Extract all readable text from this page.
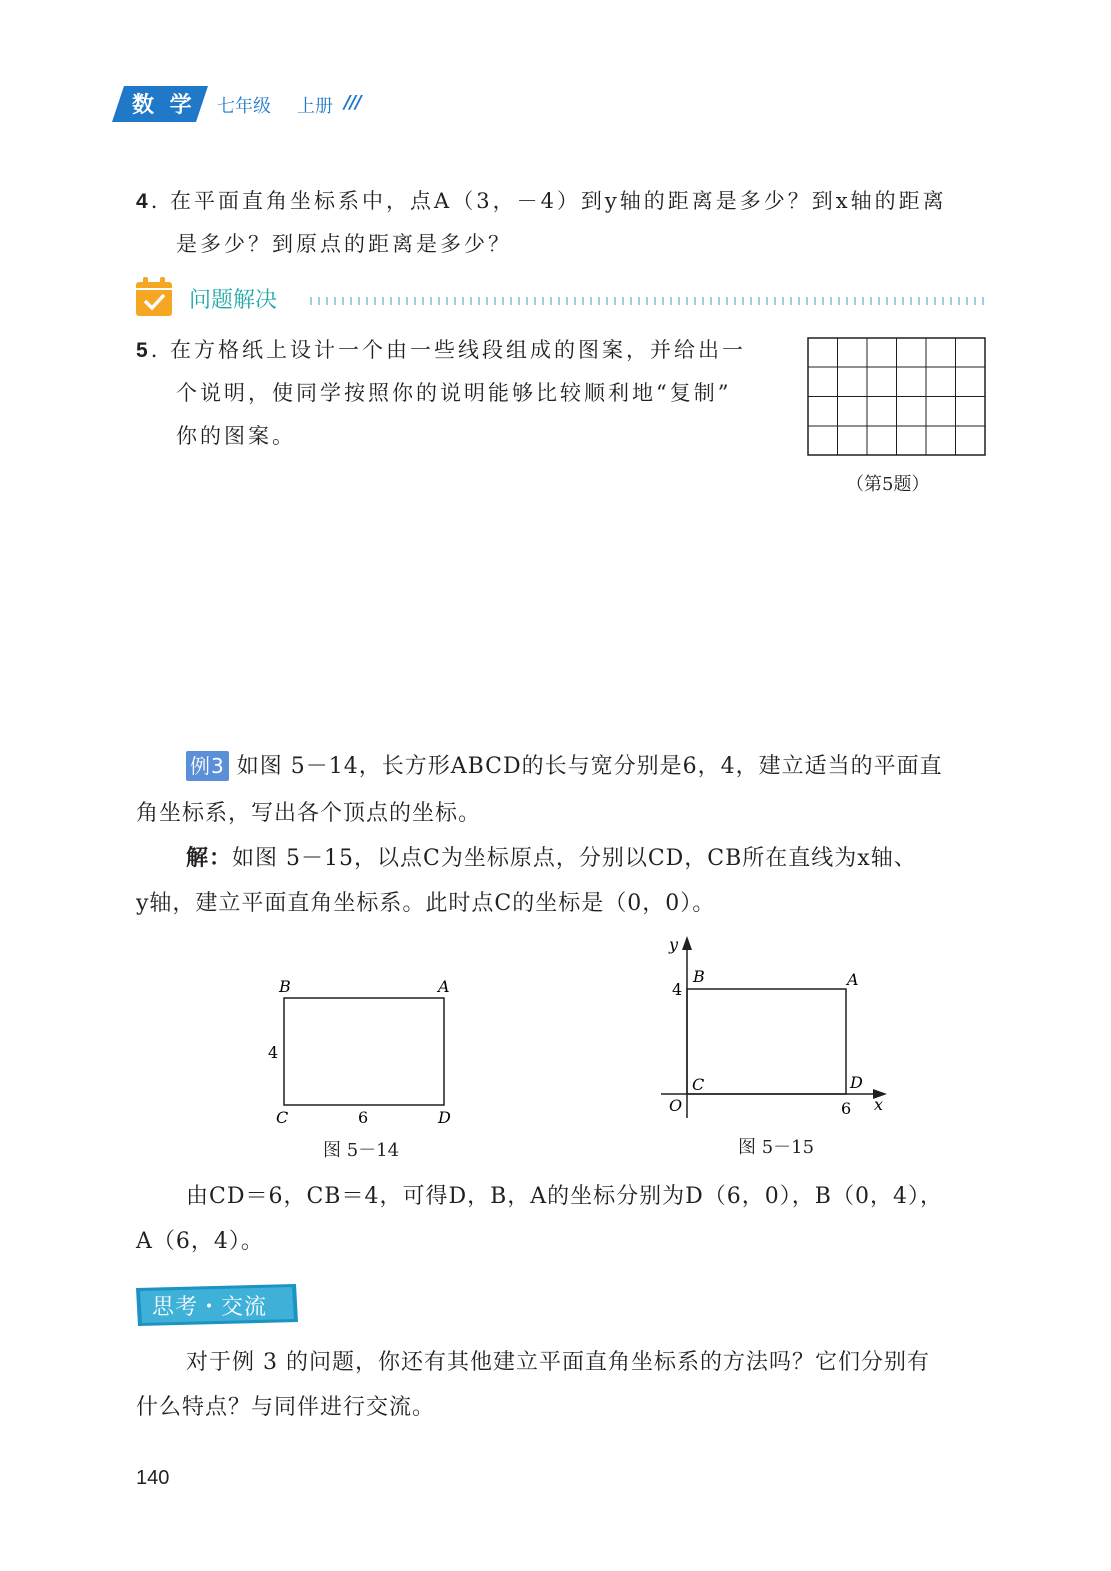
数 学 七年级 上册 ///
4. 在平面直角坐标系中，点A（3，－4）到y轴的距离是多少？到x轴的距离
是多少？到原点的距离是多少？
问题解决
5. 在方格纸上设计一个由一些线段组成的图案，并给出一
个说明，使同学按照你的说明能够比较顺利地“复制”
你的图案。
（第5题）
例3 如图 5－14，长方形ABCD的长与宽分别是6，4，建立适当的平面直
角坐标系，写出各个顶点的坐标。
解：如图 5－15，以点C为坐标原点，分别以CD，CB所在直线为x轴、
y轴，建立平面直角坐标系。此时点C的坐标是（0，0）。
B	A
C	D
4
6
图 5－14
y
B	A
4
C	D
O	6 x
图 5－15
由CD＝6，CB＝4，可得D，B，A的坐标分别为D（6，0），B（0，4），
A（6，4）。
思考・交流
对于例 3 的问题，你还有其他建立平面直角坐标系的方法吗？它们分别有
什么特点？与同伴进行交流。
140
